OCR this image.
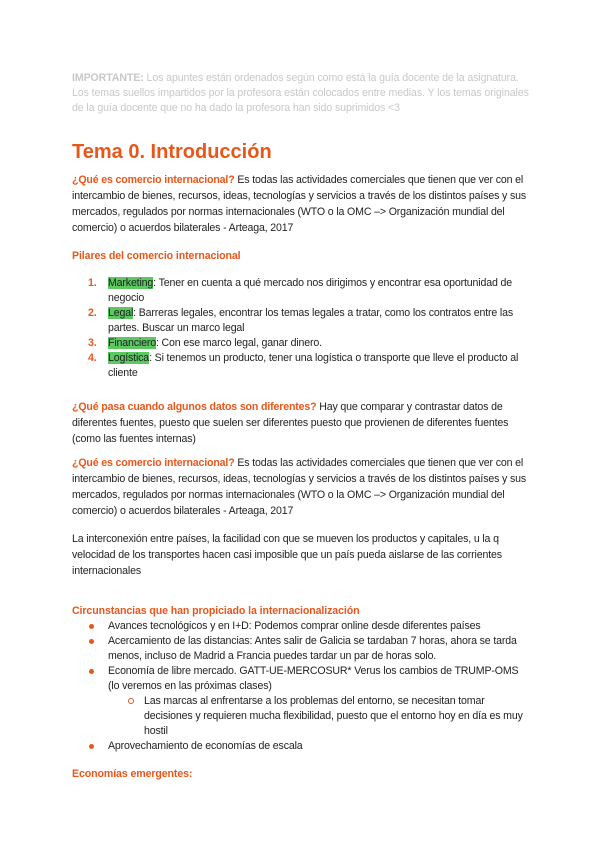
IMPORTANTE: Los apuntes están ordenados según como está la guía docente de la asignatura. Los temas suellos impartidos por la profesora están colocados entre medias. Y los temas originales de la guía docente que no ha dado la profesora han sido suprimidos <3

Tema 0. Introducción

¿Qué es comercio internacional? Es todas las actividades comerciales que tienen que ver con el intercambio de bienes, recursos, ideas, tecnologías y servicios a través de los distintos países y sus mercados, regulados por normas internacionales (WTO o la OMC –> Organización mundial del comercio) o acuerdos bilaterales - Arteaga, 2017

Pilares del comercio internacional

1. Marketing: Tener en cuenta a qué mercado nos dirigimos y encontrar esa oportunidad de negocio
2. Legal: Barreras legales, encontrar los temas legales a tratar, como los contratos entre las partes. Buscar un marco legal
3. Financiero: Con ese marco legal, ganar dinero.
4. Logística: Si tenemos un producto, tener una logística o transporte que lleve el producto al cliente

¿Qué pasa cuando algunos datos son diferentes? Hay que comparar y contrastar datos de diferentes fuentes, puesto que suelen ser diferentes puesto que provienen de diferentes fuentes (como las fuentes internas)

¿Qué es comercio internacional? Es todas las actividades comerciales que tienen que ver con el intercambio de bienes, recursos, ideas, tecnologías y servicios a través de los distintos países y sus mercados, regulados por normas internacionales (WTO o la OMC –> Organización mundial del comercio) o acuerdos bilaterales - Arteaga, 2017

La interconexión entre países, la facilidad con que se mueven los productos y capitales, u la q velocidad de los transportes hacen casi imposible que un país pueda aislarse de las corrientes internacionales

Circunstancias que han propiciado la internacionalización

Avances tecnológicos y en I+D: Podemos comprar online desde diferentes países
Acercamiento de las distancias: Antes salir de Galicia se tardaban 7 horas, ahora se tarda menos, incluso de Madrid a Francia puedes tardar un par de horas solo.
Economía de libre mercado. GATT-UE-MERCOSUR* Verus los cambios de TRUMP-OMS (lo veremos en las próximas clases)
Las marcas al enfrentarse a los problemas del entorno, se necesitan tomar decisiones y requieren mucha flexibilidad, puesto que el entorno hoy en día es muy hostil
Aprovechamiento de economías de escala

Economías emergentes:
